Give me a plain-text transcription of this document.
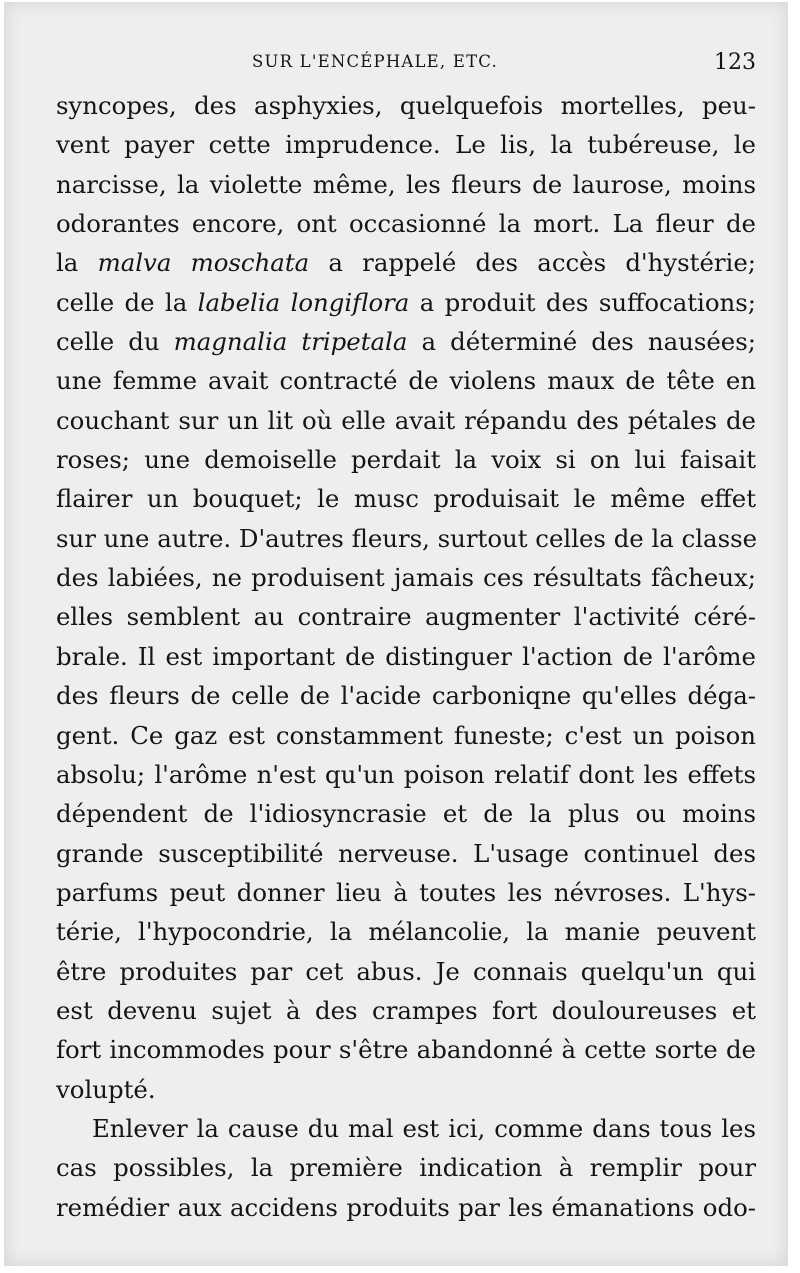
SUR L'ENCÉPHALE, ETC.	123
syncopes, des asphyxies, quelquefois mortelles, peu-
vent payer cette imprudence. Le lis, la tubéreuse, le
narcisse, la violette même, les fleurs de laurose, moins
odorantes encore, ont occasionné la mort. La fleur de
la malva moschata a rappelé des accès d'hystérie;
celle de la labelia longiflora a produit des suffocations;
celle du magnalia tripetala a déterminé des nausées;
une femme avait contracté de violens maux de tête en
couchant sur un lit où elle avait répandu des pétales de
roses; une demoiselle perdait la voix si on lui faisait
flairer un bouquet; le musc produisait le même effet
sur une autre. D'autres fleurs, surtout celles de la classe
des labiées, ne produisent jamais ces résultats fâcheux;
elles semblent au contraire augmenter l'activité céré-
brale. Il est important de distinguer l'action de l'arôme
des fleurs de celle de l'acide carboniqne qu'elles déga-
gent. Ce gaz est constamment funeste; c'est un poison
absolu; l'arôme n'est qu'un poison relatif dont les effets
dépendent de l'idiosyncrasie et de la plus ou moins
grande susceptibilité nerveuse. L'usage continuel des
parfums peut donner lieu à toutes les névroses. L'hys-
térie, l'hypocondrie, la mélancolie, la manie peuvent
être produites par cet abus. Je connais quelqu'un qui
est devenu sujet à des crampes fort douloureuses et
fort incommodes pour s'être abandonné à cette sorte de
volupté.
Enlever la cause du mal est ici, comme dans tous les
cas possibles, la première indication à remplir pour
remédier aux accidens produits par les émanations odo-
